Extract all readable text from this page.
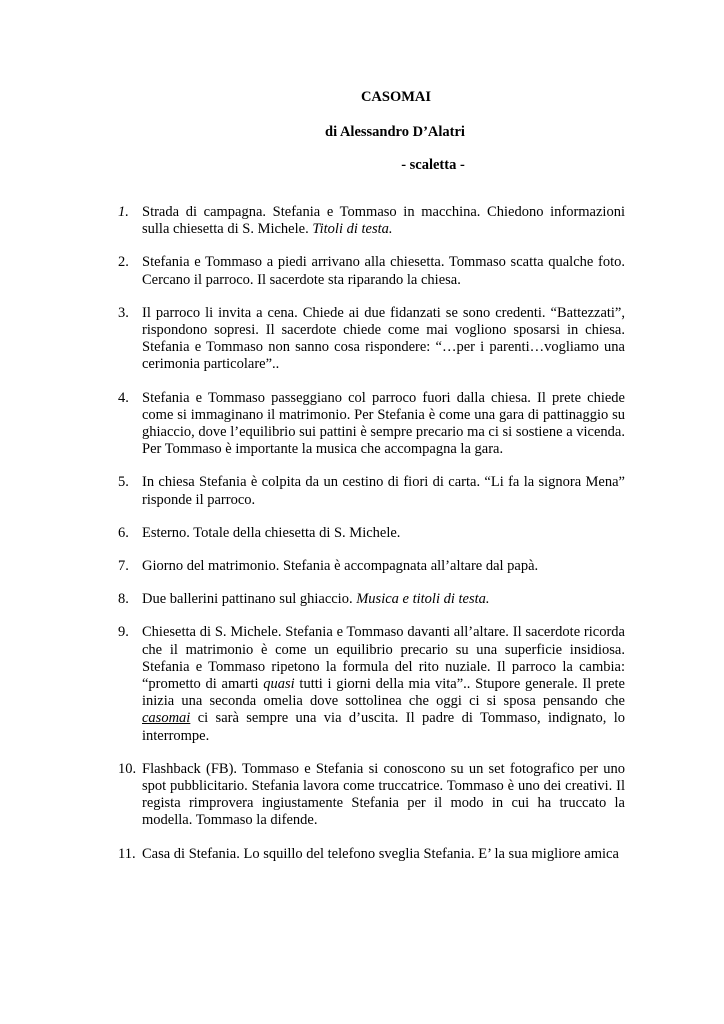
CASOMAI
di Alessandro D’Alatri
- scaletta -
1. Strada di campagna. Stefania e Tommaso in macchina. Chiedono informazioni sulla chiesetta di S. Michele. Titoli di testa.
2. Stefania e Tommaso a piedi arrivano alla chiesetta. Tommaso scatta qualche foto. Cercano il parroco. Il sacerdote sta riparando la chiesa.
3. Il parroco li invita a cena. Chiede ai due fidanzati se sono credenti. “Battezzati”, rispondono sopresi. Il sacerdote chiede come mai vogliono sposarsi in chiesa. Stefania e Tommaso non sanno cosa rispondere: “…per i parenti…vogliamo una cerimonia particolare”..
4. Stefania e Tommaso passeggiano col parroco fuori dalla chiesa. Il prete chiede come si immaginano il matrimonio. Per Stefania è come una gara di pattinaggio su ghiaccio, dove l’equilibrio sui pattini è sempre precario ma ci si sostiene a vicenda. Per Tommaso è importante la musica che accompagna la gara.
5. In chiesa Stefania è colpita da un cestino di fiori di carta. “Li fa la signora Mena” risponde il parroco.
6. Esterno. Totale della chiesetta di S. Michele.
7. Giorno del matrimonio. Stefania è accompagnata all’altare dal papà.
8. Due ballerini pattinano sul ghiaccio. Musica e titoli di testa.
9. Chiesetta di S. Michele. Stefania e Tommaso davanti all’altare. Il sacerdote ricorda che il matrimonio è come un equilibrio precario su una superficie insidiosa. Stefania e Tommaso ripetono la formula del rito nuziale. Il parroco la cambia: “prometto di amarti quasi tutti i giorni della mia vita”.. Stupore generale. Il prete inizia una seconda omelia dove sottolinea che oggi ci si sposa pensando che casomai ci sarà sempre una via d’uscita. Il padre di Tommaso, indignato, lo interrompe.
10. Flashback (FB). Tommaso e Stefania si conoscono su un set fotografico per uno spot pubblicitario. Stefania lavora come truccatrice. Tommaso è uno dei creativi. Il regista rimprovera ingiustamente Stefania per il modo in cui ha truccato la modella. Tommaso la difende.
11. Casa di Stefania. Lo squillo del telefono sveglia Stefania. E’ la sua migliore amica
